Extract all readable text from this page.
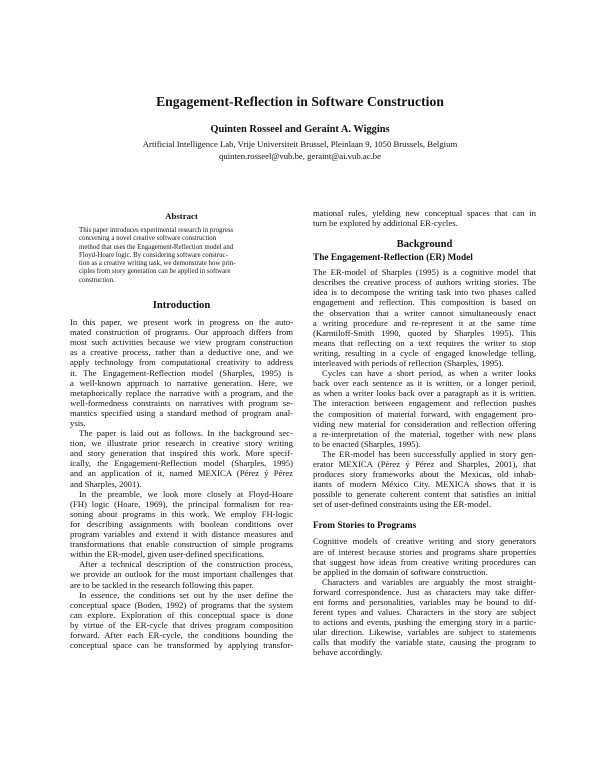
Engagement-Reflection in Software Construction
Quinten Rosseel and Geraint A. Wiggins
Artificial Intelligence Lab, Vrije Universiteit Brussel, Pleinlaan 9, 1050 Brussels, Belgium
quinten.rosseel@vub.be, geraint@ai.vub.ac.be
Abstract
This paper introduces experimental research in progress
concerning a novel creative software construction
method that uses the Engagement-Reflection model and
Floyd-Hoare logic. By considering software construc-
tion as a creative writing task, we demonstrate how prin-
ciples from story generation can be applied in software
construction.
Introduction
In this paper, we present work in progress on the auto-
mated construction of programs. Our approach differs from
most such activities because we view program construction
as a creative process, rather than a deductive one, and we
apply technology from computational creativity to address
it. The Engagement-Reflection model (Sharples, 1995) is
a well-known approach to narrative generation. Here, we
metaphorically replace the narrative with a program, and the
well-formedness constraints on narratives with program se-
mantics specified using a standard method of program anal-
ysis.
The paper is laid out as follows. In the background sec-
tion, we illustrate prior research in creative story writing
and story generation that inspired this work. More specif-
ically, the Engagement-Reflection model (Sharples, 1995)
and an application of it, named MEXICA (Pérez ý Pérez
and Sharples, 2001).
In the preamble, we look more closely at Floyd-Hoare
(FH) logic (Hoare, 1969), the principal formalism for rea-
soning about programs in this work. We employ FH-logic
for describing assignments with boolean conditions over
program variables and extend it with distance measures and
transformations that enable construction of simple programs
within the ER-model, given user-defined specifications.
After a technical description of the construction process,
we provide an outlook for the most important challenges that
are to be tackled in the research following this paper.
In essence, the conditions set out by the user define the
conceptual space (Boden, 1992) of programs that the system
can explore. Exploration of this conceptual space is done
by virtue of the ER-cycle that drives program composition
forward. After each ER-cycle, the conditions bounding the
conceptual space can be transformed by applying transfor-
mational rules, yielding new conceptual spaces that can in
turn be explored by additional ER-cycles.
Background
The Engagement-Reflection (ER) Model
The ER-model of Sharples (1995) is a cognitive model that
describes the creative process of authors writing stories. The
idea is to decompose the writing task into two phases called
engagement and reflection. This composition is based on
the observation that a writer cannot simultaneously enact
a writing procedure and re-represent it at the same time
(Karmiloff-Smith 1990, quoted by Sharples 1995). This
means that reflecting on a text requires the writer to stop
writing, resulting in a cycle of engaged knowledge telling,
interleaved with periods of reflection (Sharples, 1995).
Cycles can have a short period, as when a writer looks
back over each sentence as it is written, or a longer period,
as when a writer looks back over a paragraph as it is written.
The interaction between engagement and reflection pushes
the composition of material forward, with engagement pro-
viding new material for consideration and reflection offering
a re-interpretation of the material, together with new plans
to be enacted (Sharples, 1995).
The ER-model has been successfully applied in story gen-
erator MEXICA (Pérez ý Pérez and Sharples, 2001), that
produces story frameworks about the Mexicas, old inhab-
itants of modern México City. MEXICA shows that it is
possible to generate coherent content that satisfies an initial
set of user-defined constraints using the ER-model.
From Stories to Programs
Cognitive models of creative writing and story generators
are of interest because stories and programs share properties
that suggest how ideas from creative writing procedures can
be applied in the domain of software construction.
Characters and variables are arguably the most straight-
forward correspondence. Just as characters may take differ-
ent forms and personalities, variables may be bound to dif-
ferent types and values. Characters in the story are subject
to actions and events, pushing the emerging story in a partic-
ular direction. Likewise, variables are subject to statements
calls that modify the variable state, causing the program to
behave accordingly.
